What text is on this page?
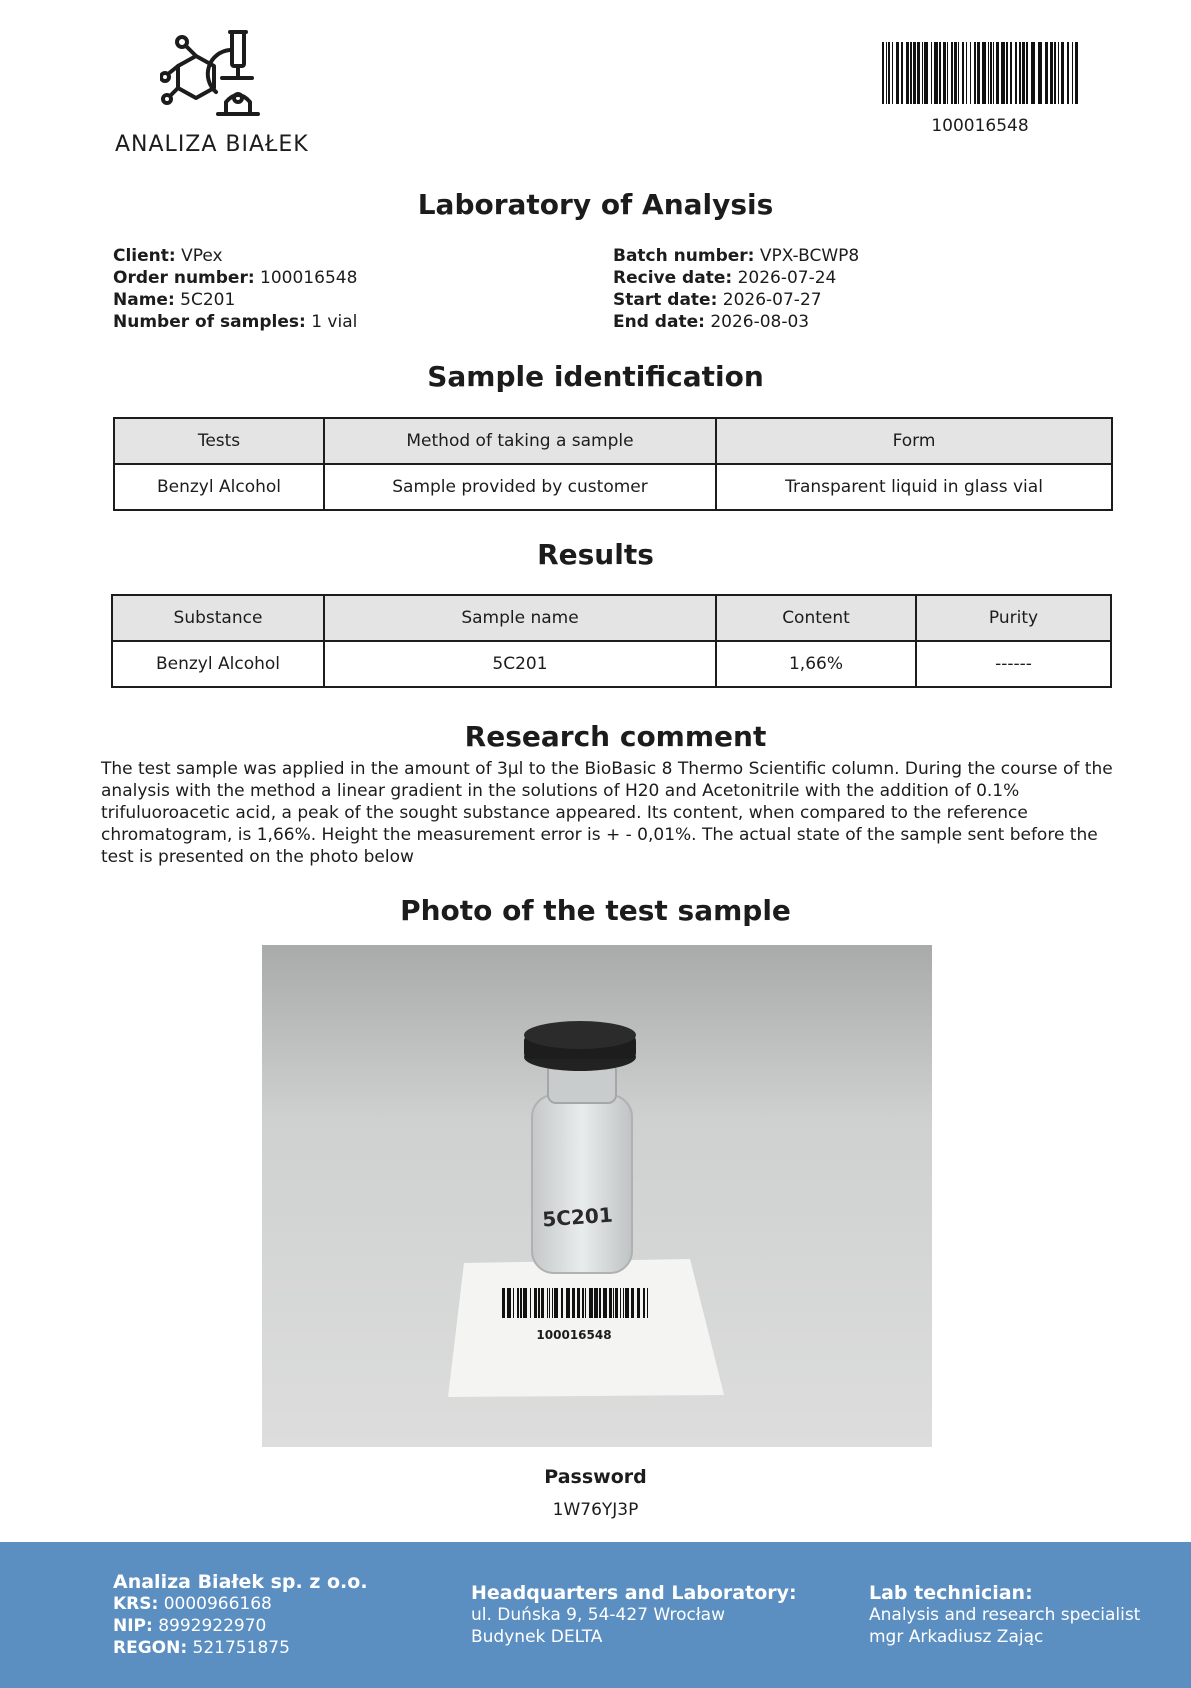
ANALIZA BIAŁEK
100016548
Laboratory of Analysis
Client: VPex
Order number: 100016548
Name: 5C201
Number of samples: 1 vial
Batch number: VPX-BCWP8
Recive date: 2026-07-24
Start date: 2026-07-27
End date: 2026-08-03
Sample identification
Tests	Method of taking a sample	Form
Benzyl Alcohol	Sample provided by customer	Transparent liquid in glass vial
Results
Substance	Sample name	Content	Purity
Benzyl Alcohol	5C201	1,66%	------
Research comment
The test sample was applied in the amount of 3µl to the BioBasic 8 Thermo Scientific column. During the course of the analysis with the method a linear gradient in the solutions of H20 and Acetonitrile with the addition of 0.1% trifuluoroacetic acid, a peak of the sought substance appeared. Its content, when compared to the reference chromatogram, is 1,66%. Height the measurement error is + - 0,01%. The actual state of the sample sent before the test is presented on the photo below
Photo of the test sample
100016548
5C201
Password
1W76YJ3P
Analiza Białek sp. z o.o.
KRS: 0000966168
NIP: 8992922970
REGON: 521751875
Headquarters and Laboratory:
ul. Duńska 9, 54-427 Wrocław
Budynek DELTA
Lab technician:
Analysis and research specialist
mgr Arkadiusz Zając
